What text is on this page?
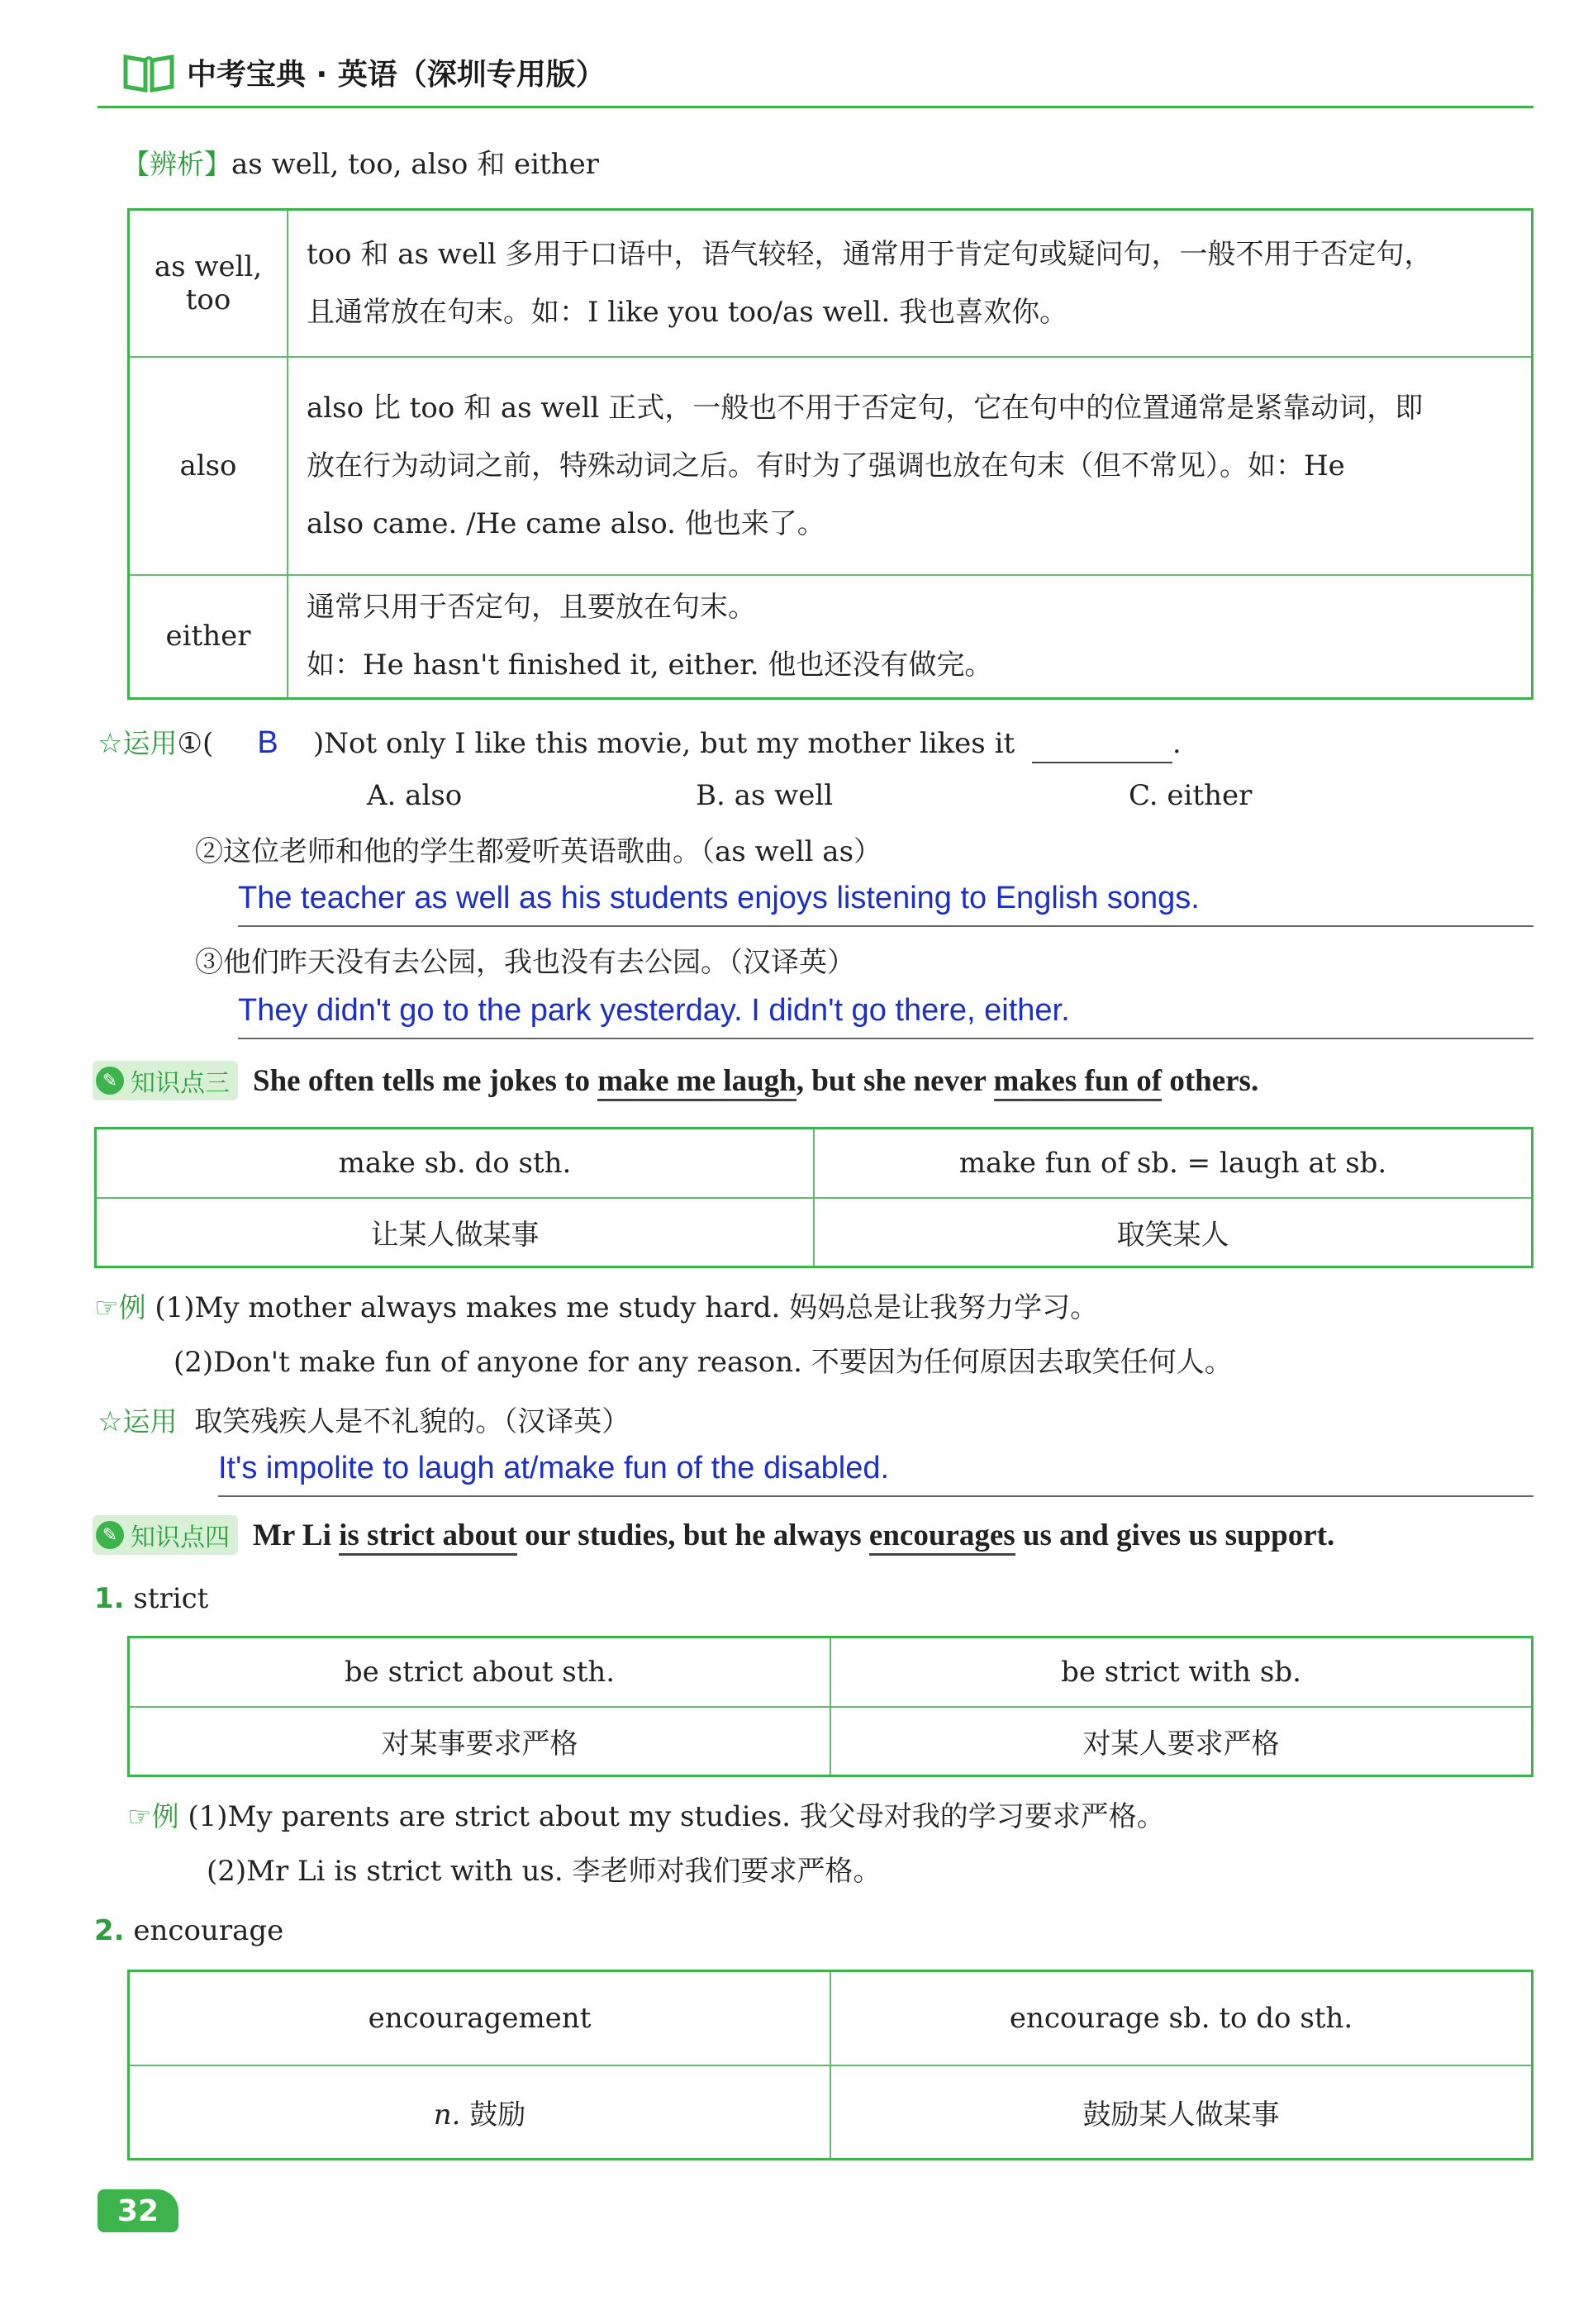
中考宝典 · 英语（深圳专用版）
【辨析】as well, too, also 和 either
as well, too	too 和 as well 多用于口语中，语气较轻，通常用于肯定句或疑问句，一般不用于否定句，
且通常放在句末。如：I like you too/as well. 我也喜欢你。

also	also 比 too 和 as well 正式，一般也不用于否定句，它在句中的位置通常是紧靠动词，即
放在行为动词之前，特殊动词之后。有时为了强调也放在句末（但不常见）。如：He
also came. /He came also. 他也来了。

either	通常只用于否定句，且要放在句末。
如：He hasn't finished it, either. 他也还没有做完。
☆运用①( B )Not only I like this movie, but my mother likes it	.
A. also	B. as well	C. either
②这位老师和他的学生都爱听英语歌曲。（as well as）
The teacher as well as his students enjoys listening to English songs.
③他们昨天没有去公园，我也没有去公园。（汉译英）
They didn't go to the park yesterday. I didn't go there, either.
✎ 知识点三 She often tells me jokes to make me laugh, but she never makes fun of others.
make sb. do sth.	make fun of sb. = laugh at sb.
让某人做某事	取笑某人
☞例 (1)My mother always makes me study hard. 妈妈总是让我努力学习。
(2)Don't make fun of anyone for any reason. 不要因为任何原因去取笑任何人。
☆运用 取笑残疾人是不礼貌的。（汉译英）
It's impolite to laugh at/make fun of the disabled.
✎ 知识点四 Mr Li is strict about our studies, but he always encourages us and gives us support.
1. strict
be strict about sth.	be strict with sb.
对某事要求严格	对某人要求严格
☞例 (1)My parents are strict about my studies. 我父母对我的学习要求严格。
(2)Mr Li is strict with us. 李老师对我们要求严格。
2. encourage
encouragement	encourage sb. to do sth.
n. 鼓励	鼓励某人做某事
32
